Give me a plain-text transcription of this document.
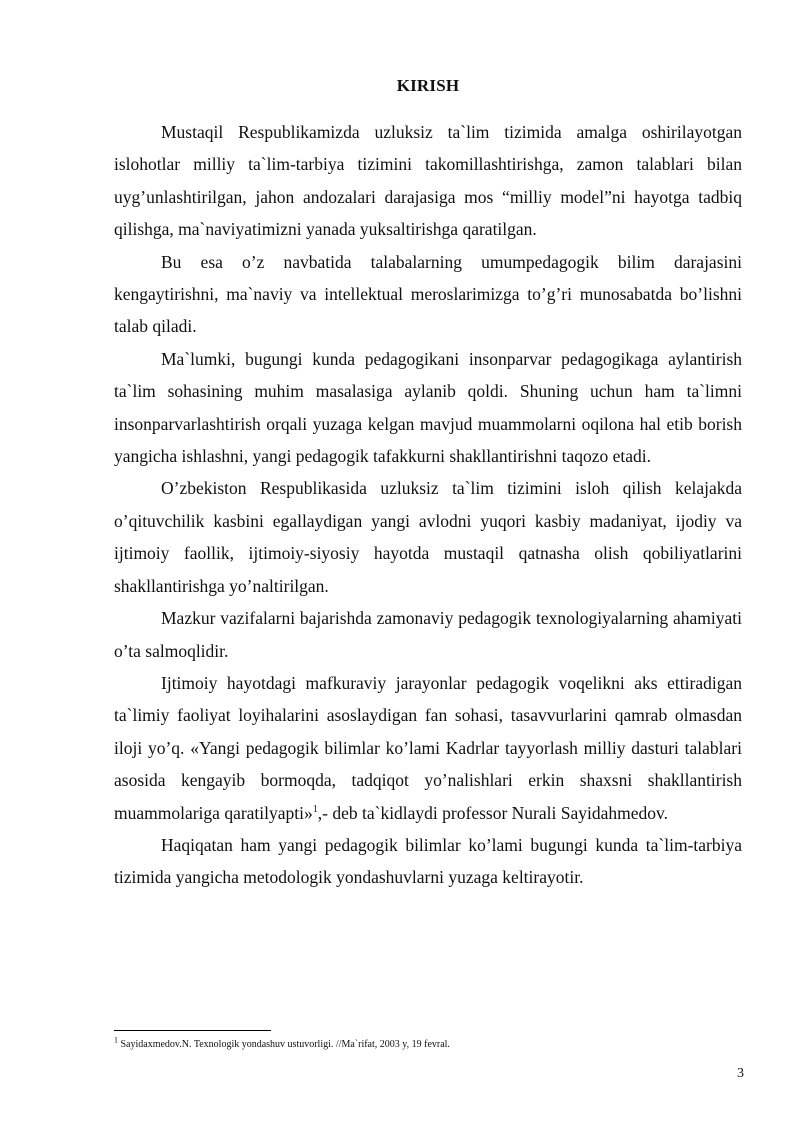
KIRISH

Mustaqil Respublikamizda uzluksiz ta`lim tizimida amalga oshirilayotgan islohotlar milliy ta`lim-tarbiya tizimini takomillashtirishga, zamon talablari bilan uyg’unlashtirilgan, jahon andozalari darajasiga mos “milliy model”ni hayotga tadbiq qilishga, ma`naviyatimizni yanada yuksaltirishga qaratilgan.

Bu esa o’z navbatida talabalarning umumpedagogik bilim darajasini kengaytirishni, ma`naviy va intellektual meroslarimizga to’g’ri munosabatda bo’lishni talab qiladi.

Ma`lumki, bugungi kunda pedagogikani insonparvar pedagogikaga aylantirish ta`lim sohasining muhim masalasiga aylanib qoldi. Shuning uchun ham ta`limni insonparvarlashtirish orqali yuzaga kelgan mavjud muammolarni oqilona hal etib borish yangicha ishlashni, yangi pedagogik tafakkurni shakllantirishni taqozo etadi.

O’zbekiston Respublikasida uzluksiz ta`lim tizimini isloh qilish kelajakda o’qituvchilik kasbini egallaydigan yangi avlodni yuqori kasbiy madaniyat, ijodiy va ijtimoiy faollik, ijtimoiy-siyosiy hayotda mustaqil qatnasha olish qobiliyatlarini shakllantirishga yo’naltirilgan.

Mazkur vazifalarni bajarishda zamonaviy pedagogik texnologiyalarning ahamiyati o’ta salmoqlidir.

Ijtimoiy hayotdagi mafkuraviy jarayonlar pedagogik voqelikni aks ettiradigan ta`limiy faoliyat loyihalarini asoslaydigan fan sohasi, tasavvurlarini qamrab olmasdan iloji yo’q. «Yangi pedagogik bilimlar ko’lami Kadrlar tayyorlash milliy dasturi talablari asosida kengayib bormoqda, tadqiqot yo’nalishlari erkin shaxsni shakllantirish muammolariga qaratilyapti»$^1$,- deb ta`kidlaydi professor Nurali Sayidahmedov.

Haqiqatan ham yangi pedagogik bilimlar ko’lami bugungi kunda ta`lim-tarbiya tizimida yangicha metodologik yondashuvlarni yuzaga keltirayotir.

$^1$ Sayidaxmedov.N. Texnologik yondashuv ustuvorligi. //Ma`rifat, 2003 y, 19 fevral.
3
